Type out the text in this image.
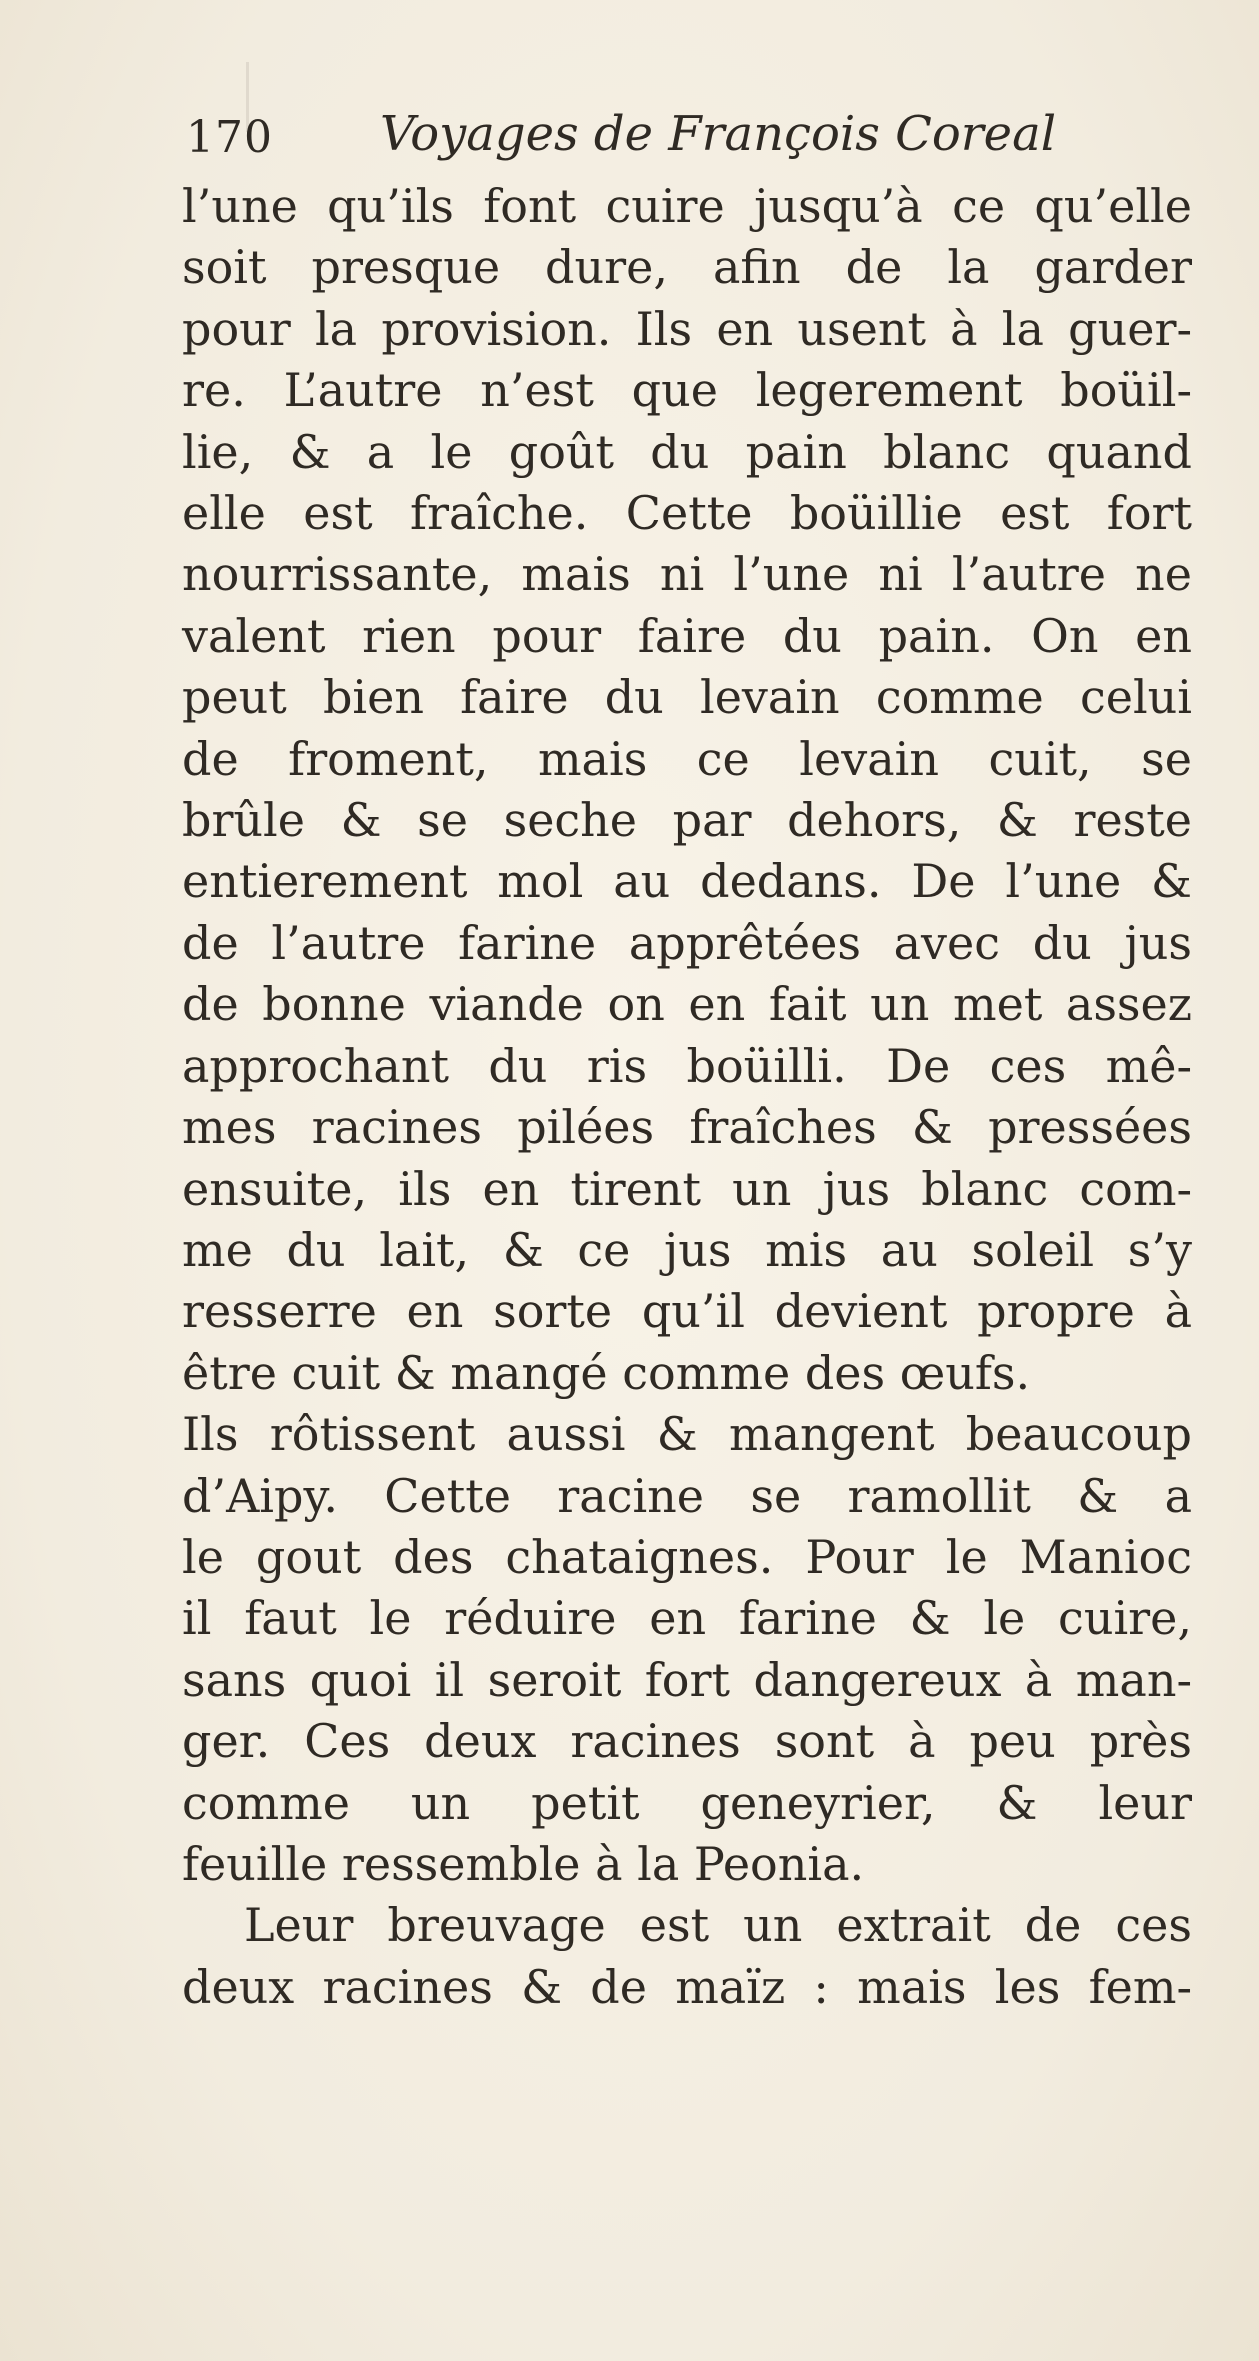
170 Voyages de François Coreal
l’une qu’ils font cuire jusqu’à ce qu’elle
soit presque dure, afin de la garder
pour la provision. Ils en usent à la guer-
re. L’autre n’est que legerement boüil-
lie, & a le goût du pain blanc quand
elle est fraîche. Cette boüillie est fort
nourrissante, mais ni l’une ni l’autre ne
valent rien pour faire du pain. On en
peut bien faire du levain comme celui
de froment, mais ce levain cuit, se
brûle & se seche par dehors, & reste
entierement mol au dedans. De l’une &
de l’autre farine apprêtées avec du jus
de bonne viande on en fait un met assez
approchant du ris boüilli. De ces mê-
mes racines pilées fraîches & pressées
ensuite, ils en tirent un jus blanc com-
me du lait, & ce jus mis au soleil s’y
resserre en sorte qu’il devient propre à
être cuit & mangé comme des œufs.
Ils rôtissent aussi & mangent beaucoup
d’Aipy. Cette racine se ramollit & a
le gout des chataignes. Pour le Manioc
il faut le réduire en farine & le cuire,
sans quoi il seroit fort dangereux à man-
ger. Ces deux racines sont à peu près
comme un petit geneyrier, & leur
feuille ressemble à la Peonia.
Leur breuvage est un extrait de ces
deux racines & de maïz : mais les fem-
